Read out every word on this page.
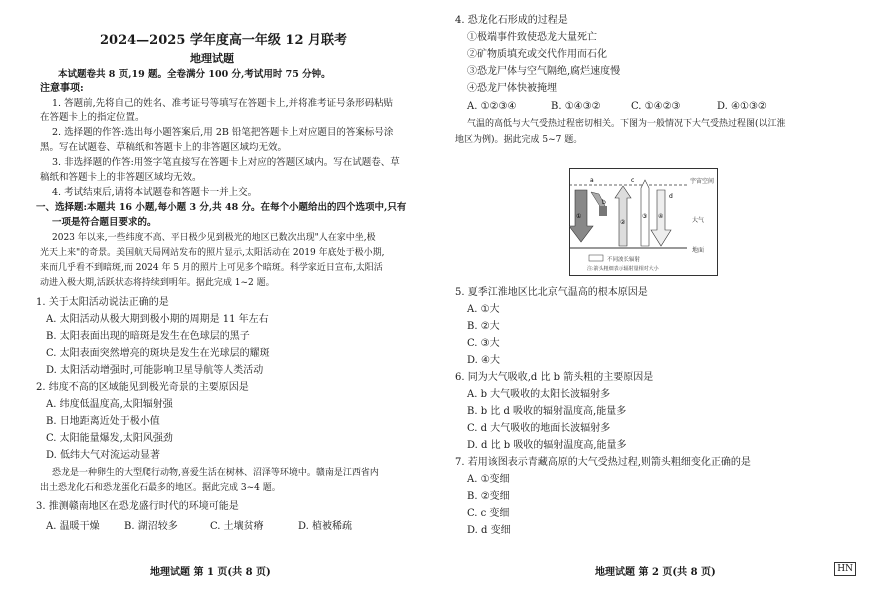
2024—2025 学年度高一年级 12 月联考
地理试题
本试题卷共 8 页,19 题。全卷满分 100 分,考试用时 75 分钟。
注意事项:
1. 答题前,先将自己的姓名、准考证号等填写在答题卡上,并将准考证号条形码粘贴
在答题卡上的指定位置。
2. 选择题的作答:选出每小题答案后,用 2B 铅笔把答题卡上对应题目的答案标号涂
黑。写在试题卷、草稿纸和答题卡上的非答题区域均无效。
3. 非选择题的作答:用签字笔直接写在答题卡上对应的答题区域内。写在试题卷、草
稿纸和答题卡上的非答题区域均无效。
4. 考试结束后,请将本试题卷和答题卡一并上交。
一、选择题:本题共 16 小题,每小题 3 分,共 48 分。在每个小题给出的四个选项中,只有
一项是符合题目要求的。
2023 年以来,一些纬度不高、平日极少见到极光的地区已数次出现"人在家中坐,极
光天上来"的奇景。美国航天局网站发布的照片显示,太阳活动在 2019 年底处于极小期,
来而几乎看不到暗斑,而 2024 年 5 月的照片上可见多个暗斑。科学家近日宣布,太阳活
动进入极大期,活跃状态将持续到明年。据此完成 1~2 题。
1. 关于太阳活动说法正确的是
A. 太阳活动从极大期到极小期的周期是 11 年左右
B. 太阳表面出现的暗斑是发生在色球层的黑子
C. 太阳表面突然增亮的斑块是发生在光球层的耀斑
D. 太阳活动增强时,可能影响卫星导航等人类活动
2. 纬度不高的区域能见到极光奇景的主要原因是
A. 纬度低温度高,太阳辐射强
B. 日地距离近处于极小值
C. 太阳能量爆发,太阳风强劲
D. 低纬大气对流运动显著
恐龙是一种卵生的大型爬行动物,喜爱生活在树林、沼泽等环境中。赣南是江西省内
出土恐龙化石和恐龙蛋化石最多的地区。据此完成 3~4 题。
3. 推测赣南地区在恐龙盛行时代的环境可能是
A. 温暖干燥 B. 湖沼较多	C. 土壤贫瘠	D. 植被稀疏
地理试题 第 1 页(共 8 页)
4. 恐龙化石形成的过程是
①极端事件致使恐龙大量死亡
②矿物质填充或交代作用而石化
③恐龙尸体与空气隔绝,腐烂速度慢
④恐龙尸体快被掩埋
A. ①②③④	B. ①④③②	C. ①④②③	D. ④①③②
气温的高低与大气受热过程密切相关。下图为一般情况下大气受热过程图(以江淮
地区为例)。据此完成 5~7 题。
不同波长辐射
注:箭头粗细表示辐射量相对大小
宇宙空间
大气
地面
a
b
c
d
①
②
③ ④
5. 夏季江淮地区比北京气温高的根本原因是
A. ①大
B. ②大
C. ③大
D. ④大
6. 同为大气吸收,d 比 b 箭头粗的主要原因是
A. b 大气吸收的太阳长波辐射多
B. b 比 d 吸收的辐射温度高,能量多
C. d 大气吸收的地面长波辐射多
D. d 比 b 吸收的辐射温度高,能量多
7. 若用该图表示青藏高原的大气受热过程,则箭头粗细变化正确的是
A. ①变细
B. ②变细
C. c 变细
D. d 变细
地理试题 第 2 页(共 8 页)	HN
